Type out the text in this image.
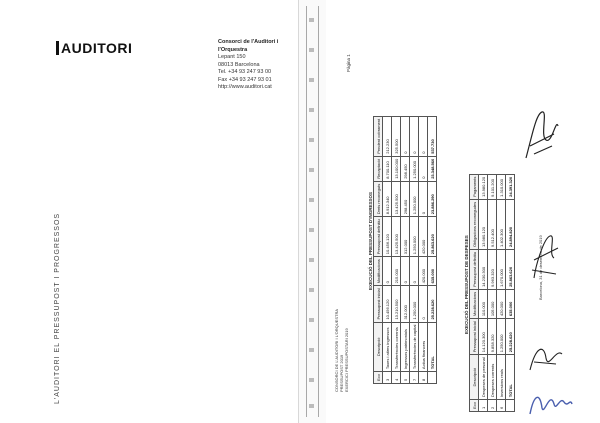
AUDITORI	Consorci de l'Auditori i
l'Orquestra
Lepant 150
08013 Barcelona
Tel. +34 93 247 93 00
Fax +34 93 247 93 01
http://www.auditori.cat
L'AUDITORI EL PRESSUPOST I PROGRESSOS
Pàgina 1
CONSORCI DE L'AUDITORI I L'ORQUESTRA PRESSUPOST 2019 EXERCICI PRESSUPOSTARI 2019
EXECUCIÓ DEL PRESSUPOST D'INGRESSOS
Eco	Descripció	Pressupost inicial	Modificacions	Pressupost definitiu	Drets reconeguts	Recaptació	Pendent cobrament
3	Taxes i altres ingressos	10.456.120	0	10.456.120	8.912.340	8.700.110	212.230
4	Transferències corrents	13.210.500	215.000	13.425.500	13.425.500	13.100.000	325.500
5	Ingressos patrimonials	312.000	0	312.000	298.450	298.450	0
7	Transferències de capital	1.250.000	0	1.250.000	1.250.000	1.250.000	0
8	Actius financers	0	420.000	420.000	0	0	0
	TOTAL	25.228.620	635.000	25.863.620	23.886.290	23.348.560	537.730
EXECUCIÓ DEL PRESSUPOST DE DESPESES
Eco	Descripció	Pressupost inicial	Modificacions	Pressupost definitiu	Obligacions reconegudes	Pagaments
1	Despeses de personal	14.120.300	110.000	14.230.300	13.980.120	13.980.120
2	Despeses corrents	9.858.320	105.000	9.963.320	9.512.400	9.101.200
6	Inversions reals	1.250.000	420.000	1.670.000	1.402.300	1.310.000
	TOTAL	25.228.620	635.000	25.863.620	24.894.820	24.391.320
Barcelona, 31 de desembre de 2019
